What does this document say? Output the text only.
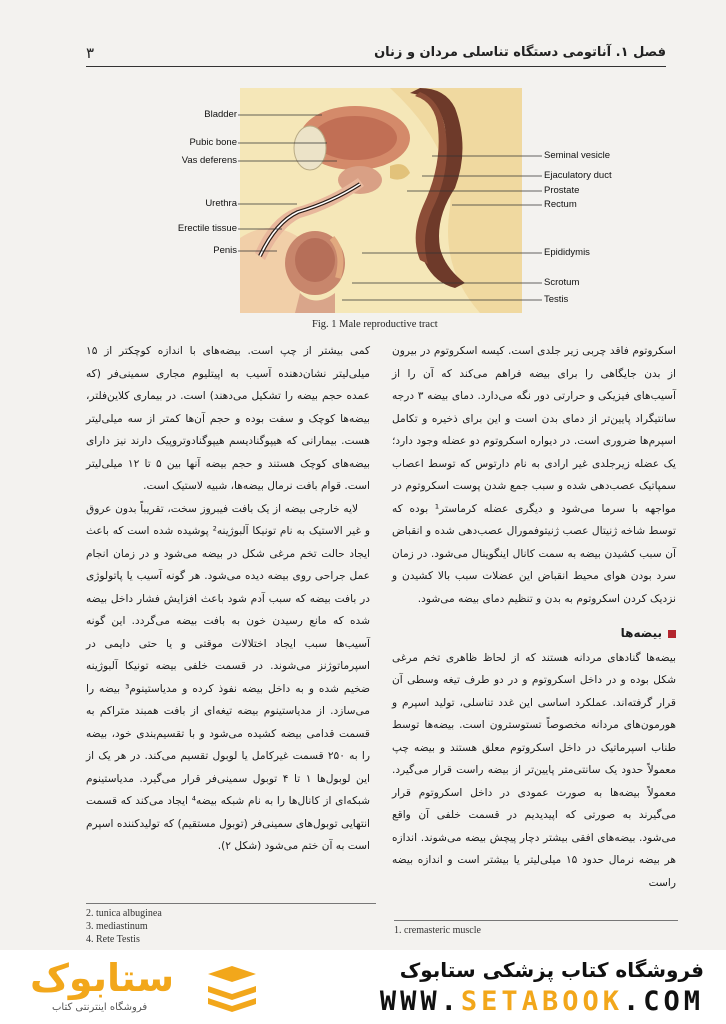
۳	فصل ۱. آناتومی دستگاه تناسلی مردان و زنان
Bladder
Pubic bone
Vas deferens
Urethra
Erectile tissue
Penis
Seminal vesicle
Ejaculatory duct
Prostate
Rectum
Epididymis
Scrotum
Testis
Fig. 1 Male reproductive tract

اسکروتوم فاقد چربی زیر جلدی است. کیسه اسکروتوم در بیرون از بدن جایگاهی را برای بیضه فراهم می‌کند که آن را از آسیب‌های فیزیکی و حرارتی دور نگه می‌دارد. دمای بیضه ۳ درجه سانتیگراد پایین‌تر از دمای بدن است و این برای ذخیره و تکامل اسپرم‌ها ضروری است. در دیواره اسکروتوم دو عضله وجود دارد؛ یک عضله زیرجلدی غیر ارادی به نام دارتوس که توسط اعصاب سمپاتیک عصب‌دهی شده و سبب جمع شدن پوست اسکروتوم در مواجهه با سرما می‌شود و دیگری عضله کرماستر¹ بوده که توسط شاخه ژنیتال عصب ژنیتوفمورال عصب‌دهی شده و انقباض آن سبب کشیدن بیضه به سمت کانال اینگوینال می‌شود. در زمان سرد بودن هوای محیط انقباض این عضلات سبب بالا کشیدن و نزدیک کردن اسکروتوم به بدن و تنظیم دمای بیضه می‌شود.

بیضه‌ها

بیضه‌ها گنادهای مردانه هستند که از لحاظ ظاهری تخم مرغی شکل بوده و در داخل اسکروتوم و در دو طرف تیغه وسطی آن قرار گرفته‌اند. عملکرد اساسی این غدد تناسلی، تولید اسپرم و هورمون‌های مردانه مخصوصاً تستوسترون است. بیضه‌ها توسط طناب اسپرماتیک در داخل اسکروتوم معلق هستند و بیضه چپ معمولاً حدود یک سانتی‌متر پایین‌تر از بیضه راست قرار می‌گیرد. معمولاً بیضه‌ها به صورت عمودی در داخل اسکروتوم قرار می‌گیرند به صورتی که اپیدیدیم در قسمت خلفی آن واقع می‌شود. بیضه‌های افقی بیشتر دچار پیچش بیضه می‌شوند. اندازه هر بیضه نرمال حدود ۱۵ میلی‌لیتر یا بیشتر است و اندازه بیضه راست

کمی بیشتر از چپ است. بیضه‌های با اندازه کوچکتر از ۱۵ میلی‌لیتر نشان‌دهنده آسیب به اپیتلیوم مجاری سمینی‌فر (که عمده حجم بیضه را تشکیل می‌دهند) است. در بیماری کلاین‌فلتر، بیضه‌ها کوچک و سفت بوده و حجم آن‌ها کمتر از سه میلی‌لیتر هست. بیمارانی که هیپوگنادیسم هیپوگنادوتروپیک دارند نیز دارای بیضه‌های کوچک هستند و حجم بیضه آنها بین ۵ تا ۱۲ میلی‌لیتر است. قوام بافت نرمال بیضه‌ها، شبیه لاستیک است.

لایه خارجی بیضه از یک بافت فیبروز سخت، تقریباً بدون عروق و غیر الاستیک به نام تونیکا آلبوژینه² پوشیده شده است که باعث ایجاد حالت تخم مرغی شکل در بیضه می‌شود و در زمان انجام عمل جراحی روی بیضه دیده می‌شود. هر گونه آسیب یا پاتولوژی در بافت بیضه که سبب آدم شود باعث افزایش فشار داخل بیضه شده که مانع رسیدن خون به بافت بیضه می‌گردد. این گونه آسیب‌ها سبب ایجاد اختلالات موقتی و یا حتی دایمی در اسپرماتوژنز می‌شوند. در قسمت خلفی بیضه تونیکا آلبوژینه ضخیم شده و به داخل بیضه نفوذ کرده و مدیاستینوم³ بیضه را می‌سازد. از مدیاستینوم بیضه تیغه‌ای از بافت همبند متراکم به قسمت قدامی بیضه کشیده می‌شود و با تقسیم‌بندی خود، بیضه را به ۲۵۰ قسمت غیرکامل یا لوبول تقسیم می‌کند. در هر یک از این لوبول‌ها ۱ تا ۴ توبول سمینی‌فر قرار می‌گیرد. مدیاستینوم شبکه‌ای از کانال‌ها را به نام شبکه بیضه⁴ ایجاد می‌کند که قسمت انتهایی توبول‌های سمینی‌فر (توبول مستقیم) که تولیدکننده اسپرم است به آن ختم می‌شود (شکل ۲).

2. tunica albuginea
3. mediastinum
4. Rete Testis
1. cremasteric muscle
ستابوک
فروشگاه اینترنتی کتاب
فروشگاه کتاب پزشکی ستابوک
WWW.SETABOOK.COM
